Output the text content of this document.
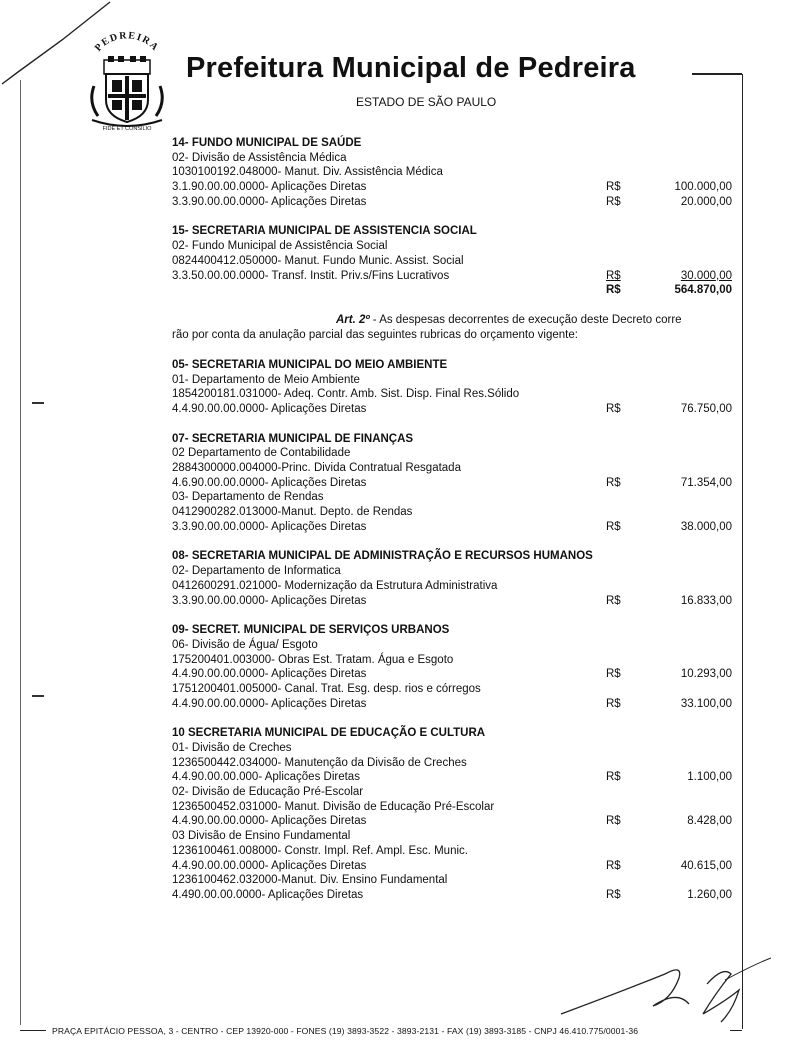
PEDREIRA
FIDE ET CONSILIO
Prefeitura Municipal de Pedreira
ESTADO DE SÃO PAULO
14- FUNDO MUNICIPAL DE SAÚDE
02- Divisão de Assistência Médica
1030100192.048000- Manut. Div. Assistência Médica
3.1.90.00.00.0000- Aplicações Diretas	R$	100.000,00
3.3.90.00.00.0000- Aplicações Diretas	R$	20.000,00
15- SECRETARIA MUNICIPAL DE ASSISTENCIA SOCIAL
02- Fundo Municipal de Assistência Social
0824400412.050000- Manut. Fundo Munic. Assist. Social
3.3.50.00.00.0000- Transf. Instit. Priv.s/Fins Lucrativos	R$	30.000,00
R$	564.870,00
Art. 2º - As despesas decorrentes de execução deste Decreto corre
rão por conta da anulação parcial das seguintes rubricas do orçamento vigente:
05- SECRETARIA MUNICIPAL DO MEIO AMBIENTE
01- Departamento de Meio Ambiente
1854200181.031000- Adeq. Contr. Amb. Sist. Disp. Final Res.Sólido
4.4.90.00.00.0000- Aplicações Diretas	R$	76.750,00
07- SECRETARIA MUNICIPAL DE FINANÇAS
02 Departamento de Contabilidade
2884300000.004000-Princ. Divida Contratual Resgatada
4.6.90.00.00.0000- Aplicações Diretas	R$	71.354,00
03- Departamento de Rendas
0412900282.013000-Manut. Depto. de Rendas
3.3.90.00.00.0000- Aplicações Diretas	R$	38.000,00
08- SECRETARIA MUNICIPAL DE ADMINISTRAÇÃO E RECURSOS HUMANOS
02- Departamento de Informatica
0412600291.021000- Modernização da Estrutura Administrativa
3.3.90.00.00.0000- Aplicações Diretas	R$	16.833,00
09- SECRET. MUNICIPAL DE SERVIÇOS URBANOS
06- Divisão de Água/ Esgoto
175200401.003000- Obras Est. Tratam. Água e Esgoto
4.4.90.00.00.0000- Aplicações Diretas	R$	10.293,00
1751200401.005000- Canal. Trat. Esg. desp. rios e córregos
4.4.90.00.00.0000- Aplicações Diretas	R$	33.100,00
10 SECRETARIA MUNICIPAL DE EDUCAÇÃO E CULTURA
01- Divisão de Creches
1236500442.034000- Manutenção da Divisão de Creches
4.4.90.00.00.000- Aplicações Diretas	R$	1.100,00
02- Divisão de Educação Pré-Escolar
1236500452.031000- Manut. Divisão de Educação Pré-Escolar
4.4.90.00.00.0000- Aplicações Diretas	R$	8.428,00
03 Divisão de Ensino Fundamental
1236100461.008000- Constr. Impl. Ref. Ampl. Esc. Munic.
4.4.90.00.00.0000- Aplicações Diretas	R$	40.615,00
1236100462.032000-Manut. Div. Ensino Fundamental
4.490.00.00.0000- Aplicações Diretas	R$	1.260,00
PRAÇA EPITÁCIO PESSOA, 3 - CENTRO - CEP 13920-000 - FONES (19) 3893-3522 - 3893-2131 - FAX (19) 3893-3185 - CNPJ 46.410.775/0001-36
